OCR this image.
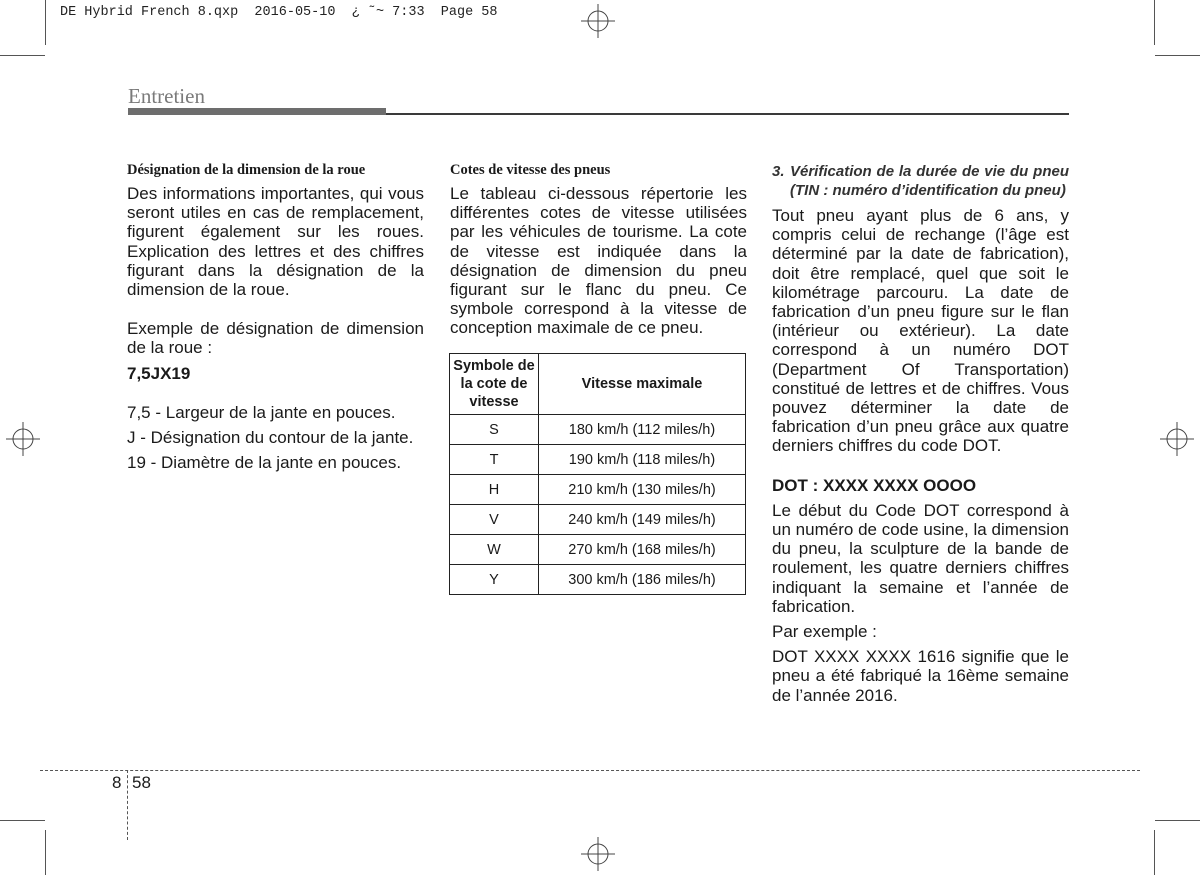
DE Hybrid French 8.qxp  2016-05-10  ¿ ˜~ 7:33  Page 58
Entretien
Désignation de la dimension de la roue

Des informations importantes, qui vous seront utiles en cas de remplacement, figurent également sur les roues. Explication des lettres et des chiffres figurant dans la désignation de la dimension de la roue.

Exemple de désignation de dimension de la roue :

7,5JX19

7,5 - Largeur de la jante en pouces.
J - Désignation du contour de la jante.
19 - Diamètre de la jante en pouces.
Cotes de vitesse des pneus

Le tableau ci-dessous répertorie les différentes cotes de vitesse utilisées par les véhicules de tourisme. La cote de vitesse est indiquée dans la désignation de dimension du pneu figurant sur le flanc du pneu. Ce symbole correspond à la vitesse de conception maximale de ce pneu.

Symbole de la cote de vitesse	Vitesse maximale
S	180 km/h (112 miles/h)
T	190 km/h (118 miles/h)
H	210 km/h (130 miles/h)
V	240 km/h (149 miles/h)
W	270 km/h (168 miles/h)
Y	300 km/h (186 miles/h)
3. Vérification de la durée de vie du pneu (TIN : numéro d’identification du pneu)

Tout pneu ayant plus de 6 ans, y compris celui de rechange (l’âge est déterminé par la date de fabrication), doit être remplacé, quel que soit le kilométrage parcouru. La date de fabrication d’un pneu figure sur le flan (intérieur ou extérieur). La date correspond à un numéro DOT (Department Of Transportation) constitué de lettres et de chiffres. Vous pouvez déterminer la date de fabrication d’un pneu grâce aux quatre derniers chiffres du code DOT.

DOT : XXXX XXXX OOOO

Le début du Code DOT correspond à un numéro de code usine, la dimension du pneu, la sculpture de la bande de roulement, les quatre derniers chiffres indiquant la semaine et l’année de fabrication.

Par exemple :

DOT XXXX XXXX 1616 signifie que le pneu a été fabriqué la 16ème semaine de l’année 2016.

8 58
